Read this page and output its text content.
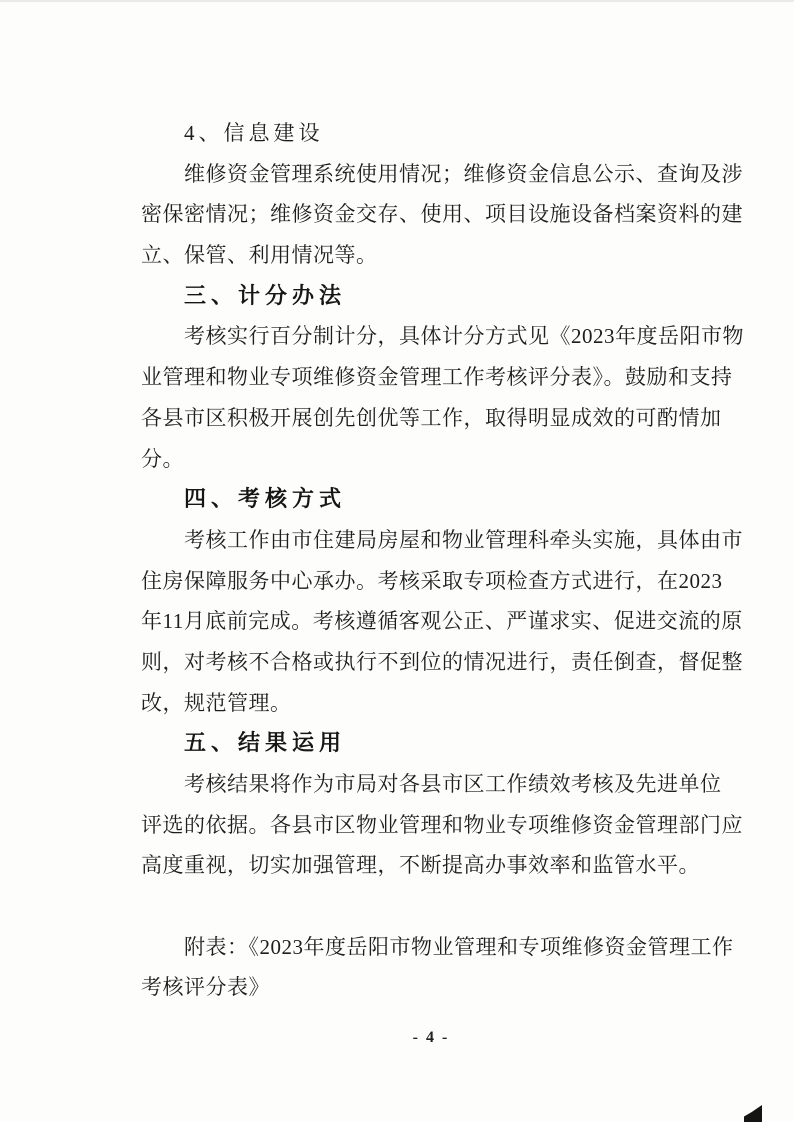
4、信息建设
维修资金管理系统使用情况；维修资金信息公示、查询及涉
密保密情况；维修资金交存、使用、项目设施设备档案资料的建
立、保管、利用情况等。
三、计分办法
考核实行百分制计分，具体计分方式见《2023年度岳阳市物
业管理和物业专项维修资金管理工作考核评分表》。鼓励和支持
各县市区积极开展创先创优等工作，取得明显成效的可酌情加
分。
四、考核方式
考核工作由市住建局房屋和物业管理科牵头实施，具体由市
住房保障服务中心承办。考核采取专项检查方式进行，在2023
年11月底前完成。考核遵循客观公正、严谨求实、促进交流的原
则，对考核不合格或执行不到位的情况进行，责任倒查，督促整
改，规范管理。
五、结果运用
考核结果将作为市局对各县市区工作绩效考核及先进单位
评选的依据。各县市区物业管理和物业专项维修资金管理部门应
高度重视，切实加强管理，不断提高办事效率和监管水平。
附表：《2023年度岳阳市物业管理和专项维修资金管理工作
考核评分表》
- 4 -
